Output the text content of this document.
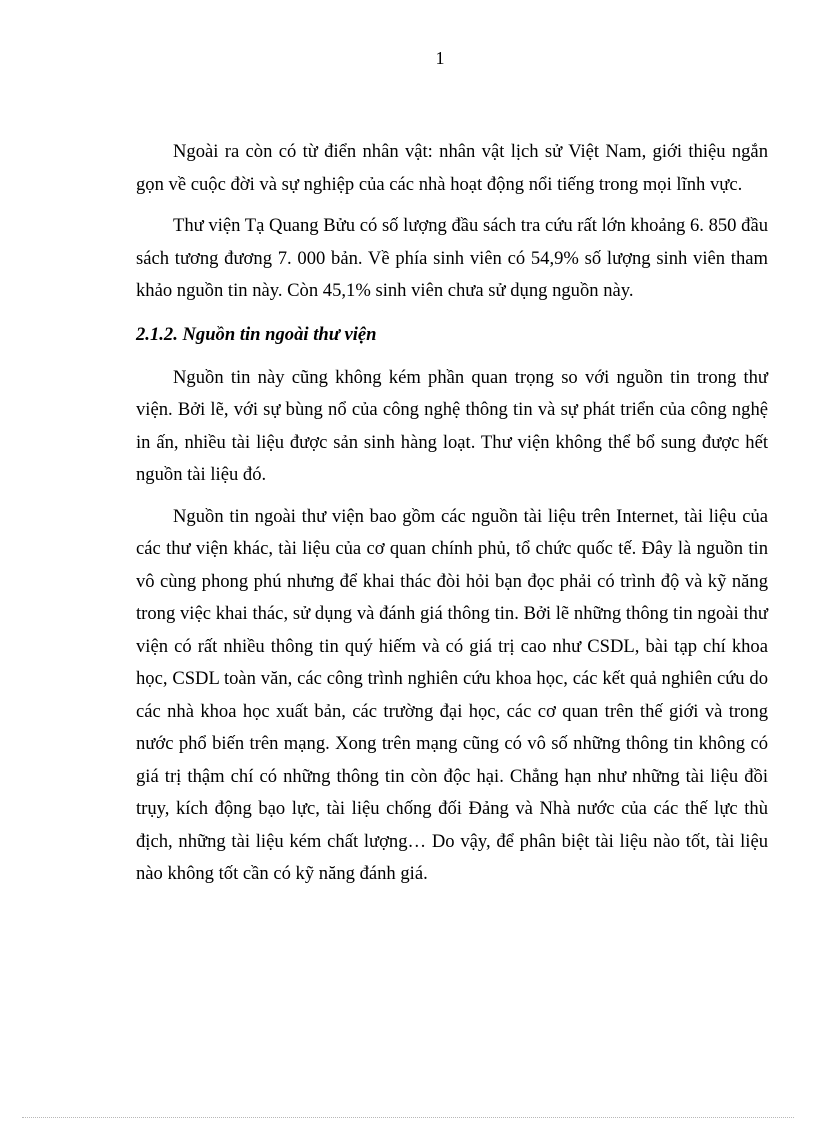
1

Ngoài ra còn có từ điển nhân vật: nhân vật lịch sử Việt Nam, giới thiệu ngắn gọn về cuộc đời và sự nghiệp của các nhà hoạt động nổi tiếng trong mọi lĩnh vực.

Thư viện Tạ Quang Bửu có số lượng đầu sách tra cứu rất lớn khoảng 6. 850 đầu sách tương đương 7. 000 bản. Về phía sinh viên có 54,9% số lượng sinh viên tham khảo nguồn tin này. Còn 45,1% sinh viên chưa sử dụng nguồn này.

2.1.2. Nguồn tin ngoài thư viện

Nguồn tin này cũng không kém phần quan trọng so với nguồn tin trong thư viện. Bởi lẽ, với sự bùng nổ của công nghệ thông tin và sự phát triển của công nghệ in ấn, nhiều tài liệu được sản sinh hàng loạt. Thư viện không thể bổ sung được hết nguồn tài liệu đó.

Nguồn tin ngoài thư viện bao gồm các nguồn tài liệu trên Internet, tài liệu của các thư viện khác, tài liệu của cơ quan chính phủ, tổ chức quốc tế. Đây là nguồn tin vô cùng phong phú nhưng để khai thác đòi hỏi bạn đọc phải có trình độ và kỹ năng trong việc khai thác, sử dụng và đánh giá thông tin. Bởi lẽ những thông tin ngoài thư viện có rất nhiều thông tin quý hiếm và có giá trị cao như CSDL, bài tạp chí khoa học, CSDL toàn văn, các công trình nghiên cứu khoa học, các kết quả nghiên cứu do các nhà khoa học xuất bản, các trường đại học, các cơ quan trên thế giới và trong nước phổ biến trên mạng. Xong trên mạng cũng có vô số những thông tin không có giá trị thậm chí có những thông tin còn độc hại. Chẳng hạn như những tài liệu đồi trụy, kích động bạo lực, tài liệu chống đối Đảng và Nhà nước của các thế lực thù địch, những tài liệu kém chất lượng… Do vậy, để phân biệt tài liệu nào tốt, tài liệu nào không tốt cần có kỹ năng đánh giá.
